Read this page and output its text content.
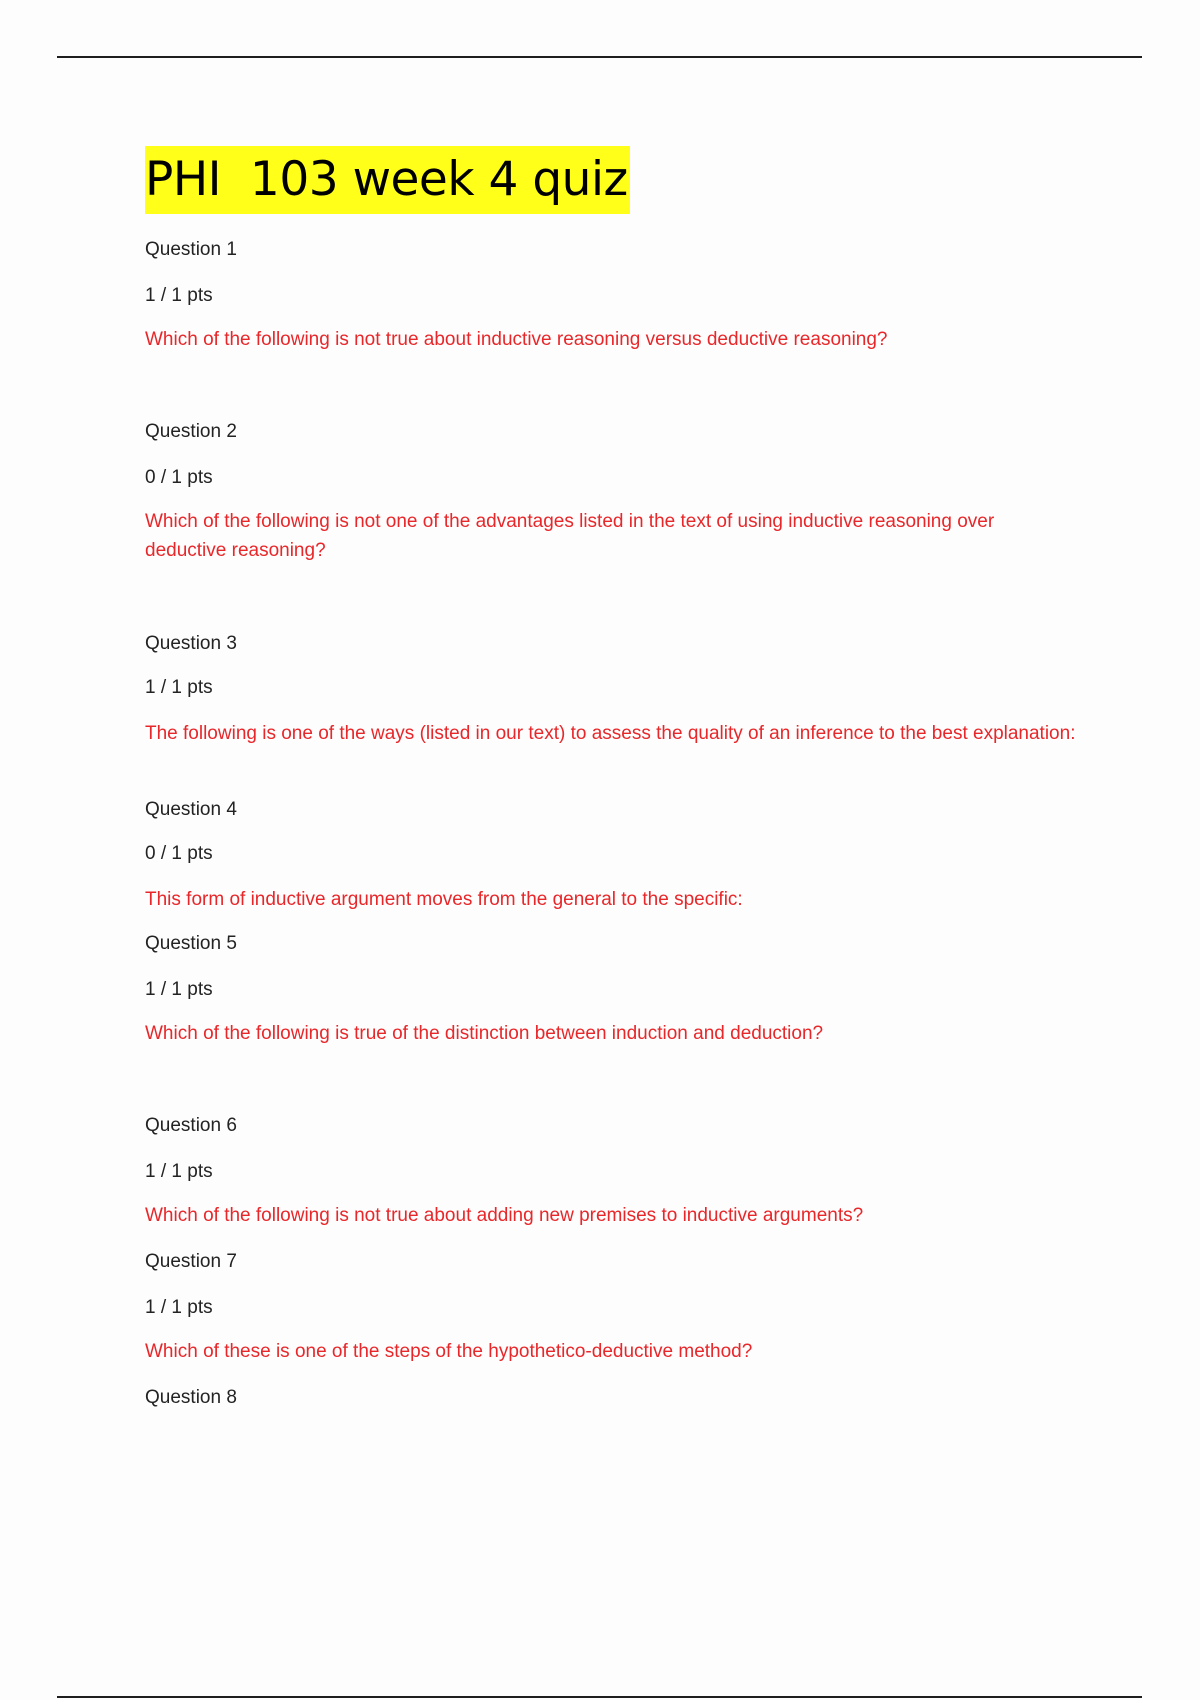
PHI  103 week 4 quiz
Question 1
1 / 1 pts
Which of the following is not true about inductive reasoning versus deductive reasoning?
Question 2
0 / 1 pts
Which of the following is not one of the advantages listed in the text of using inductive reasoning over deductive reasoning?
Question 3
1 / 1 pts
The following is one of the ways (listed in our text) to assess the quality of an inference to the best explanation:
Question 4
0 / 1 pts
This form of inductive argument moves from the general to the specific:
Question 5
1 / 1 pts
Which of the following is true of the distinction between induction and deduction?
Question 6
1 / 1 pts
Which of the following is not true about adding new premises to inductive arguments?
Question 7
1 / 1 pts
Which of these is one of the steps of the hypothetico-deductive method?
Question 8
